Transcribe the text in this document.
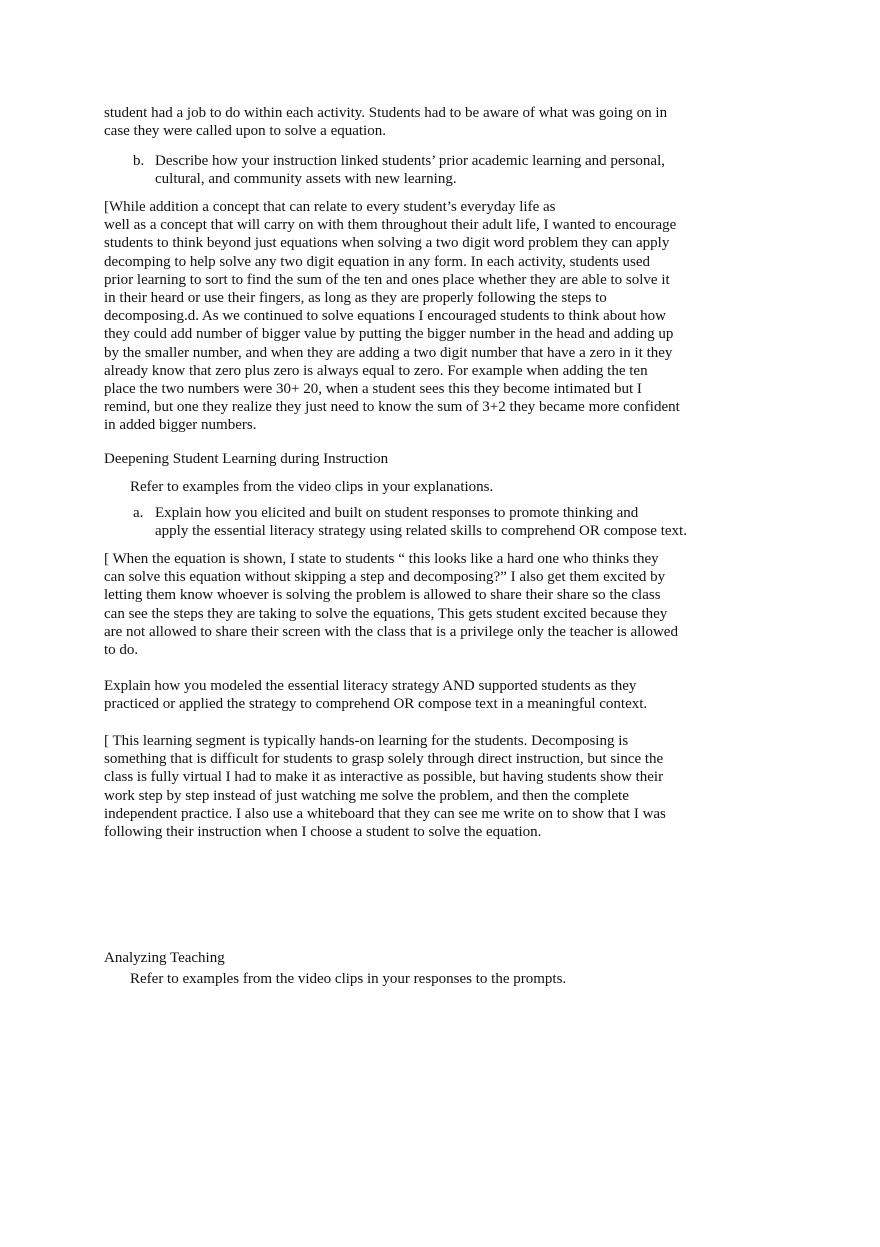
student had a job to do within each activity. Students had to be aware of what was going on in
case they were called upon to solve a equation.

b. Describe how your instruction linked students’ prior academic learning and personal,
cultural, and community assets with new learning.

[While addition a concept that can relate to every student’s everyday life as
well as a concept that will carry on with them throughout their adult life, I wanted to encourage
students to think beyond just equations when solving a two digit word problem they can apply
decomping to help solve any two digit equation in any form. In each activity, students used
prior learning to sort to find the sum of the ten and ones place whether they are able to solve it
in their heard or use their fingers, as long as they are properly following the steps to
decomposing.d. As we continued to solve equations I encouraged students to think about how
they could add number of bigger value by putting the bigger number in the head and adding up
by the smaller number, and when they are adding a two digit number that have a zero in it they
already know that zero plus zero is always equal to zero. For example when adding the ten
place the two numbers were 30+ 20, when a student sees this they become intimated but I
remind, but one they realize they just need to know the sum of 3+2 they became more confident
in added bigger numbers.

Deepening Student Learning during Instruction

Refer to examples from the video clips in your explanations.

a. Explain how you elicited and built on student responses to promote thinking and
apply the essential literacy strategy using related skills to comprehend OR compose text.

[ When the equation is shown, I state to students “ this looks like a hard one who thinks they
can solve this equation without skipping a step and decomposing?” I also get them excited by
letting them know whoever is solving the problem is allowed to share their share so the class
can see the steps they are taking to solve the equations, This gets student excited because they
are not allowed to share their screen with the class that is a privilege only the teacher is allowed
to do.

Explain how you modeled the essential literacy strategy AND supported students as they
practiced or applied the strategy to comprehend OR compose text in a meaningful context.

[ This learning segment is typically hands-on learning for the students. Decomposing is
something that is difficult for students to grasp solely through direct instruction, but since the
class is fully virtual I had to make it as interactive as possible, but having students show their
work step by step instead of just watching me solve the problem, and then the complete
independent practice. I also use a whiteboard that they can see me write on to show that I was
following their instruction when I choose a student to solve the equation.

Analyzing Teaching

Refer to examples from the video clips in your responses to the prompts.
